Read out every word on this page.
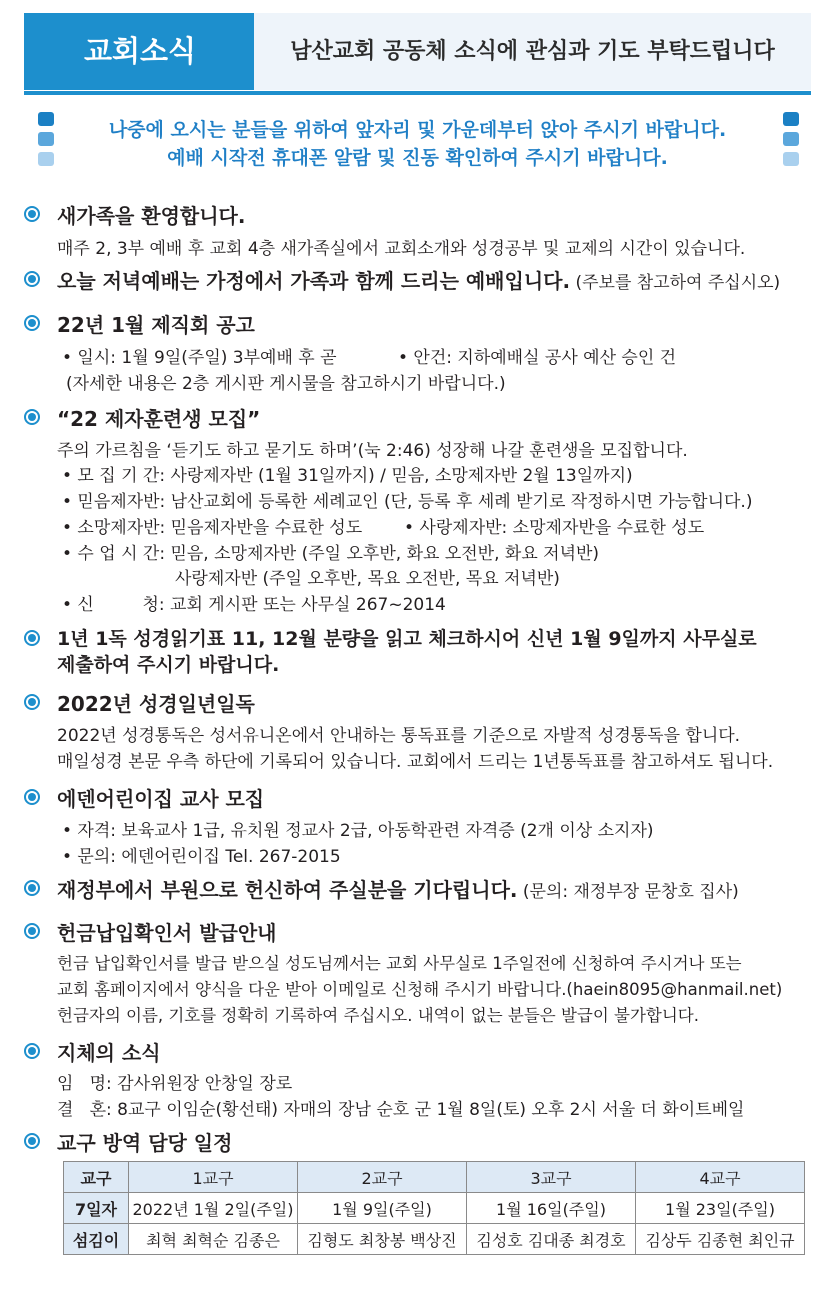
교회소식	남산교회 공동체 소식에 관심과 기도 부탁드립니다
나중에 오시는 분들을 위하여 앞자리 및 가운데부터 앉아 주시기 바랍니다.
예배 시작전 휴대폰 알람 및 진동 확인하여 주시기 바랍니다.
새가족을 환영합니다.
매주 2, 3부 예배 후 교회 4층 새가족실에서 교회소개와 성경공부 및 교제의 시간이 있습니다.
오늘 저녁예배는 가정에서 가족과 함께 드리는 예배입니다. (주보를 참고하여 주십시오)
22년 1월 제직회 공고
• 일시: 1월 9일(주일) 3부예배 후 곧	• 안건: 지하예배실 공사 예산 승인 건
(자세한 내용은 2층 게시판 게시물을 참고하시기 바랍니다.)
“22 제자훈련생 모집”
주의 가르침을 ‘듣기도 하고 묻기도 하며’(눅 2:46) 성장해 나갈 훈련생을 모집합니다.
• 모 집 기 간: 사랑제자반 (1월 31일까지) / 믿음, 소망제자반 2월 13일까지)
• 믿음제자반: 남산교회에 등록한 세례교인 (단, 등록 후 세례 받기로 작정하시면 가능합니다.)
• 소망제자반: 믿음제자반을 수료한 성도 • 사랑제자반: 소망제자반을 수료한 성도
• 수 업 시 간: 믿음, 소망제자반 (주일 오후반, 화요 오전반, 화요 저녁반)
사랑제자반 (주일 오후반, 목요 오전반, 목요 저녁반)
• 신         청: 교회 게시판 또는 사무실 267~2014
1년 1독 성경읽기표 11, 12월 분량을 읽고 체크하시어 신년 1월 9일까지 사무실로
제출하여 주시기 바랍니다.
2022년 성경일년일독
2022년 성경통독은 성서유니온에서 안내하는 통독표를 기준으로 자발적 성경통독을 합니다.
매일성경 본문 우측 하단에 기록되어 있습니다. 교회에서 드리는 1년통독표를 참고하셔도 됩니다.
에덴어린이집 교사 모집
• 자격: 보육교사 1급, 유치원 정교사 2급, 아동학관련 자격증 (2개 이상 소지자)
• 문의: 에덴어린이집 Tel. 267-2015
재정부에서 부원으로 헌신하여 주실분을 기다립니다. (문의: 재정부장 문창호 집사)
헌금납입확인서 발급안내
헌금 납입확인서를 발급 받으실 성도님께서는 교회 사무실로 1주일전에 신청하여 주시거나 또는
교회 홈페이지에서 양식을 다운 받아 이메일로 신청해 주시기 바랍니다.(haein8095@hanmail.net)
헌금자의 이름, 기호를 정확히 기록하여 주십시오. 내역이 없는 분들은 발급이 불가합니다.
지체의 소식
임   명: 감사위원장 안창일 장로
결   혼: 8교구 이임순(황선태) 자매의 장남 순호 군 1월 8일(토) 오후 2시 서울 더 화이트베일
교구 방역 담당 일정
교구	1교구	2교구	3교구	4교구
7일자	2022년 1월 2일(주일)	1월 9일(주일)	1월 16일(주일)	1월 23일(주일)
섬김이	최혁 최혁순 김종은	김형도 최창봉 백상진	김성호 김대종 최경호	김상두 김종현 최인규
